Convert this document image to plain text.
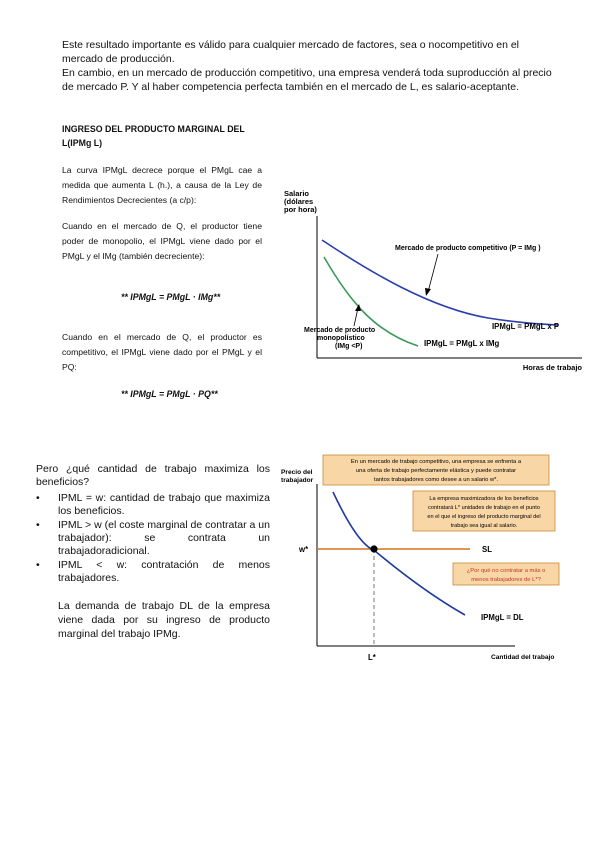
Este resultado importante es válido para cualquier mercado de factores, sea o nocompetitivo en el mercado de producción.
En cambio, en un mercado de producción competitivo, una empresa venderá toda suproducción al precio de mercado P. Y al haber competencia perfecta también en el mercado de L, es salario-aceptante.
INGRESO DEL PRODUCTO MARGINAL DEL L(IPMg L)
La curva IPMgL decrece porque el PMgL cae a medida que aumenta L (h.), a causa de la Ley de Rendimientos Decrecientes (a c/p):
Cuando en el mercado de Q, el productor tiene poder de monopolio, el IPMgL viene dado por el PMgL y el IMg (también decreciente):
** IPMgL = PMgL · IMg**
Cuando en el mercado de Q, el productor es competitivo, el IPMgL viene dado por el PMgL y el PQ:
** IPMgL = PMgL · PQ**
Salario
(dólares
por hora)
Horas de trabajo
Mercado de producto competitivo (P = IMg )
IPMgL = PMgL x P
Mercado de producto
monopolístico
(IMg <P)	IPMgL = PMgL x IMg
Pero ¿qué cantidad de trabajo maximiza los beneficios?
• IPML = w: cantidad de trabajo que maximiza los beneficios.
• IPML > w (el coste marginal de contratar a un trabajador): se contrata un trabajadoradicional.
• IPML < w: contratación de menos trabajadores.
La demanda de trabajo DL de la empresa viene dada por su ingreso de producto marginal del trabajo IPMg.
Precio del
trabajador
Cantidad del trabajo
SL
w*
IPMgL = DL
L*
En un mercado de trabajo competitivo, una empresa se enfrenta a
una oferta de trabajo perfectamente elástica y puede contratar
tantos trabajadores como desee a un salario w*.
La empresa maximizadora de los beneficios
contratará L* unidades de trabajo en el punto
en el que el ingreso del producto marginal del
trabajo sea igual al salario.
¿Por qué no contratar a más o
menos trabajadores de L*?
